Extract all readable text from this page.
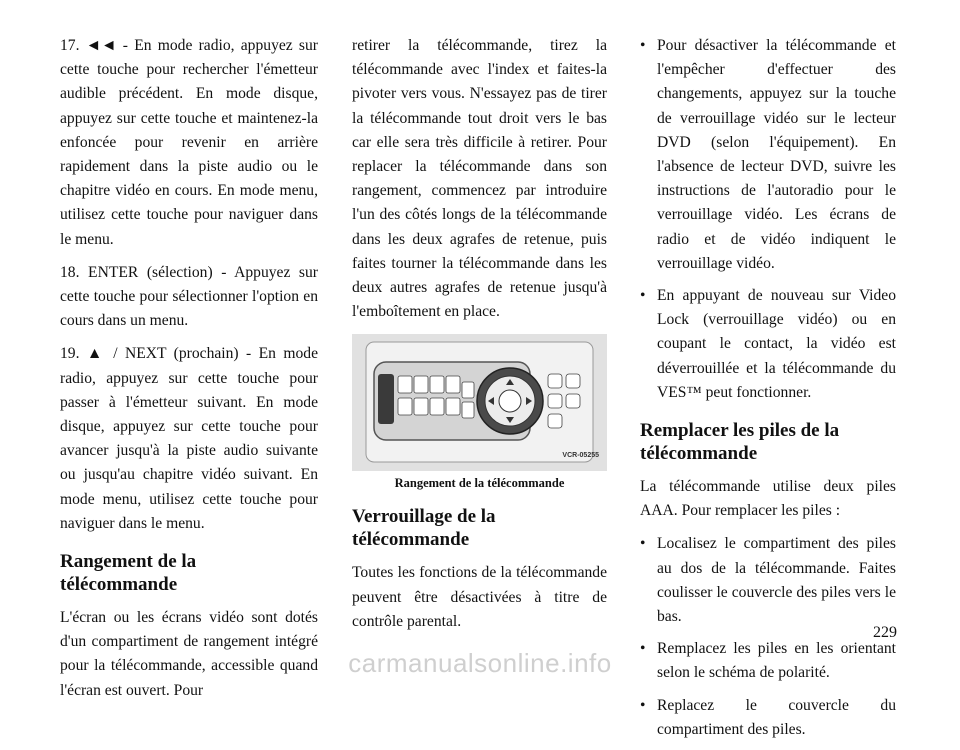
17. ◄◄ - En mode radio, appuyez sur cette touche pour rechercher l'émetteur audible précédent. En mode disque, appuyez sur cette touche et maintenez-la enfoncée pour revenir en arrière rapidement dans la piste audio ou le chapitre vidéo en cours. En mode menu, utilisez cette touche pour naviguer dans le menu.

18. ENTER (sélection) - Appuyez sur cette touche pour sélectionner l'option en cours dans un menu.

19. ▲ / NEXT (prochain) - En mode radio, appuyez sur cette touche pour passer à l'émetteur suivant. En mode disque, appuyez sur cette touche pour avancer jusqu'à la piste audio suivante ou jusqu'au chapitre vidéo suivant. En mode menu, utilisez cette touche pour naviguer dans le menu.

Rangement de la télécommande

L'écran ou les écrans vidéo sont dotés d'un compartiment de rangement intégré pour la télécommande, accessible quand l'écran est ouvert. Pour

retirer la télécommande, tirez la télécommande avec l'index et faites-la pivoter vers vous. N'essayez pas de tirer la télécommande tout droit vers le bas car elle sera très difficile à retirer. Pour replacer la télécommande dans son rangement, commencez par introduire l'un des côtés longs de la télécommande dans les deux agrafes de retenue, puis faites tourner la télécommande dans les deux autres agrafes de retenue jusqu'à l'emboîtement en place.

VCR-05255
Rangement de la télécommande
Verrouillage de la télécommande

Toutes les fonctions de la télécommande peuvent être désactivées à titre de contrôle parental.

• Pour désactiver la télécommande et l'empêcher d'effectuer des changements, appuyez sur la touche de verrouillage vidéo sur le lecteur DVD (selon l'équipement). En l'absence de lecteur DVD, suivre les instructions de l'autoradio pour le verrouillage vidéo. Les écrans de radio et de vidéo indiquent le verrouillage vidéo.
• En appuyant de nouveau sur Video Lock (verrouillage vidéo) ou en coupant le contact, la vidéo est déverrouillée et la télécommande du VES™ peut fonctionner.
Remplacer les piles de la télécommande

La télécommande utilise deux piles AAA. Pour remplacer les piles :

• Localisez le compartiment des piles au dos de la télécommande. Faites coulisser le couvercle des piles vers le bas.
• Remplacez les piles en les orientant selon le schéma de polarité.
• Replacez le couvercle du compartiment des piles.
229
carmanualsonline.info
